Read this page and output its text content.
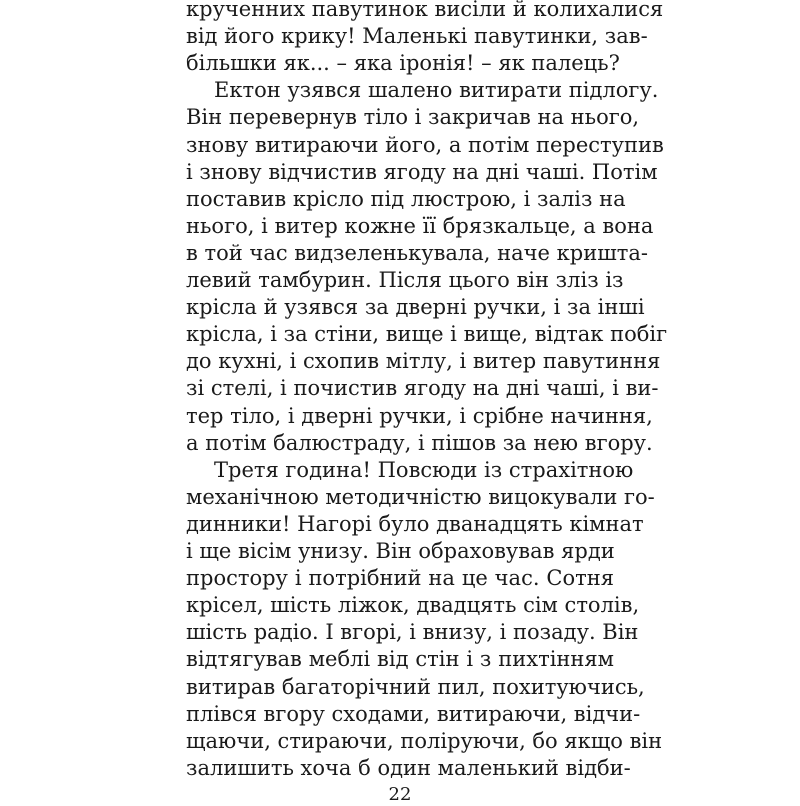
крученних павутинок висіли й колихалися
від його крику! Маленькі павутинки, зав-
більшки як... – яка іронія! – як палець?
Ектон узявся шалено витирати підлогу.
Він перевернув тіло і закричав на нього,
знову витираючи його, а потім переступив
і знову відчистив ягоду на дні чаші. Потім
поставив крісло під люстрою, і заліз на
нього, і витер кожне її брязкальце, а вона
в той час видзеленькувала, наче кришта-
левий тамбурин. Після цього він зліз із
крісла й узявся за дверні ручки, і за інші
крісла, і за стіни, вище і вище, відтак побіг
до кухні, і схопив мітлу, і витер павутиння
зі стелі, і почистив ягоду на дні чаші, і ви-
тер тіло, і дверні ручки, і срібне начиння,
а потім балюстраду, і пішов за нею вгору.
Третя година! Повсюди із страхітною
механічною методичністю вицокували го-
динники! Нагорі було дванадцять кімнат
і ще вісім унизу. Він обраховував ярди
простору і потрібний на це час. Сотня
крісел, шість ліжок, двадцять сім столів,
шість радіо. І вгорі, і внизу, і позаду. Він
відтягував меблі від стін і з пихтінням
витирав багаторічний пил, похитуючись,
плівся вгору сходами, витираючи, відчи-
щаючи, стираючи, поліруючи, бо якщо він
залишить хоча б один маленький відби-
22
